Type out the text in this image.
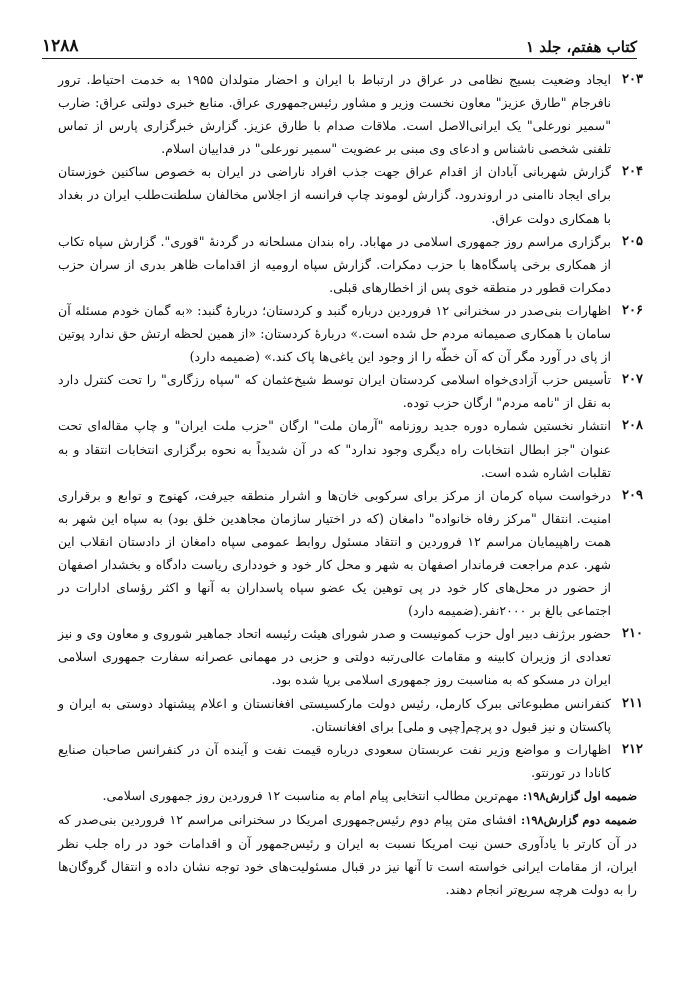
کتاب هفتم، جلد ۱
۱۲۸۸
۲۰۳
ایجاد وضعیت بسیج نظامی در عراق در ارتباط با ایران و احضار متولدان ۱۹۵۵ به خدمت احتیاط. ترور نافرجام "طارق عزیز" معاون نخست وزیر و مشاور رئیس‌جمهوری عراق. منابع خبری دولتی عراق: ضارب "سمیر نورعلی" یک ایرانی‌الاصل است. ملاقات صدام با طارق عزیز. گزارش خبرگزاری پارس از تماس تلفنی شخصی ناشناس و ادعای وی مبنی بر عضویت "سمیر نورعلی" در فداییان اسلام.
۲۰۴
گزارش شهربانی آبادان از اقدام عراق جهت جذب افراد ناراضی در ایران به خصوص ساکنین خوزستان برای ایجاد ناامنی در اروندرود. گزارش لوموند چاپ فرانسه از اجلاس مخالفان سلطنت‌طلب ایران در بغداد با همکاری دولت عراق.
۲۰۵
برگزاری مراسم روز جمهوری اسلامی در مهاباد. راه بندان مسلحانه در گردنهٔ "قوری". گزارش سپاه تکاب از همکاری برخی پاسگاه‌ها با حزب دمکرات. گزارش سپاه ارومیه از اقدامات ظاهر بدری از سران حزب دمکرات قطور در منطقه خوی پس از اخطارهای قبلی.
۲۰۶
اظهارات بنی‌صدر در سخنرانی ۱۲ فروردین درباره گنبد و کردستان؛ دربارهٔ گنبد: «به گمان خودم مسئله آن سامان با همکاری صمیمانه مردم حل شده است.» دربارهٔ کردستان: «از همین لحظه ارتش حق ندارد پوتین از پای در آورد مگر آن که آن خطّه را از وجود این یاغی‌ها پاک کند.» (ضمیمه دارد)
۲۰۷
تأسیس حزب آزادی‌خواه اسلامی کردستان ایران توسط شیخ‌عثمان که "سپاه رزگاری" را تحت کنترل دارد به نقل از "نامه مردم" ارگان حزب توده.
۲۰۸
انتشار نخستین شماره دوره جدید روزنامه "آرمان ملت" ارگان "حزب ملت ایران" و چاپ مقاله‌ای تحت عنوان "جز ابطال انتخابات راه دیگری وجود ندارد" که در آن شدیداً به نحوه برگزاری انتخابات انتقاد و به تقلبات اشاره شده است.
۲۰۹
درخواست سپاه کرمان از مرکز برای سرکوبی خان‌ها و اشرار منطقه جیرفت، کهنوج و توابع و برقراری امنیت. انتقال "مرکز رفاه خانواده" دامغان (که در اختیار سازمان مجاهدین خلق بود) به سپاه این شهر به همت راهپیمایان مراسم ۱۲ فروردین و انتقاد مسئول روابط عمومی سپاه دامغان از دادستان انقلاب این شهر. عدم مراجعت فرماندار اصفهان به شهر و محل کار خود و خودداری ریاست دادگاه و بخشدار اصفهان از حضور در محل‌های کار خود در پی توهین یک عضو سپاه پاسداران به آنها و اکثر رؤسای ادارات در اجتماعی بالغ بر ۲۰۰۰نفر.(ضمیمه دارد)
۲۱۰
حضور برژنف دبیر اول حزب کمونیست و صدر شورای هیئت رئیسه اتحاد جماهیر شوروی و معاون وی و نیز تعدادی از وزیران کابینه و مقامات عالی‌رتبه دولتی و حزبی در مهمانی عصرانه سفارت جمهوری اسلامی ایران در مسکو که به مناسبت روز جمهوری اسلامی برپا شده بود.
۲۱۱
کنفرانس مطبوعاتی ببرک کارمل، رئیس دولت مارکسیستی افغانستان و اعلام پیشنهاد دوستی به ایران و پاکستان و نیز قبول دو پرچم[چپی و ملی] برای افغانستان.
۲۱۲
اظهارات و مواضع وزیر نفت عربستان سعودی درباره قیمت نفت و آینده آن در کنفرانس صاحبان صنایع کانادا در تورنتو.
ضمیمه اول گزارش۱۹۸: مهم‌ترین مطالب انتخابی پیام امام به مناسبت ۱۲ فروردین روز جمهوری اسلامی.
ضمیمه دوم گزارش۱۹۸: افشای متن پیام دوم رئیس‌جمهوری امریکا در سخنرانی مراسم ۱۲ فروردین بنی‌صدر که در آن کارتر با یادآوری حسن نیت امریکا نسبت به ایران و رئیس‌جمهور آن و اقدامات خود در راه جلب نظر ایران، از مقامات ایرانی خواسته است تا آنها نیز در قبال مسئولیت‌های خود توجه نشان داده و انتقال گروگان‌ها را به دولت هرچه سریع‌تر انجام دهند.
